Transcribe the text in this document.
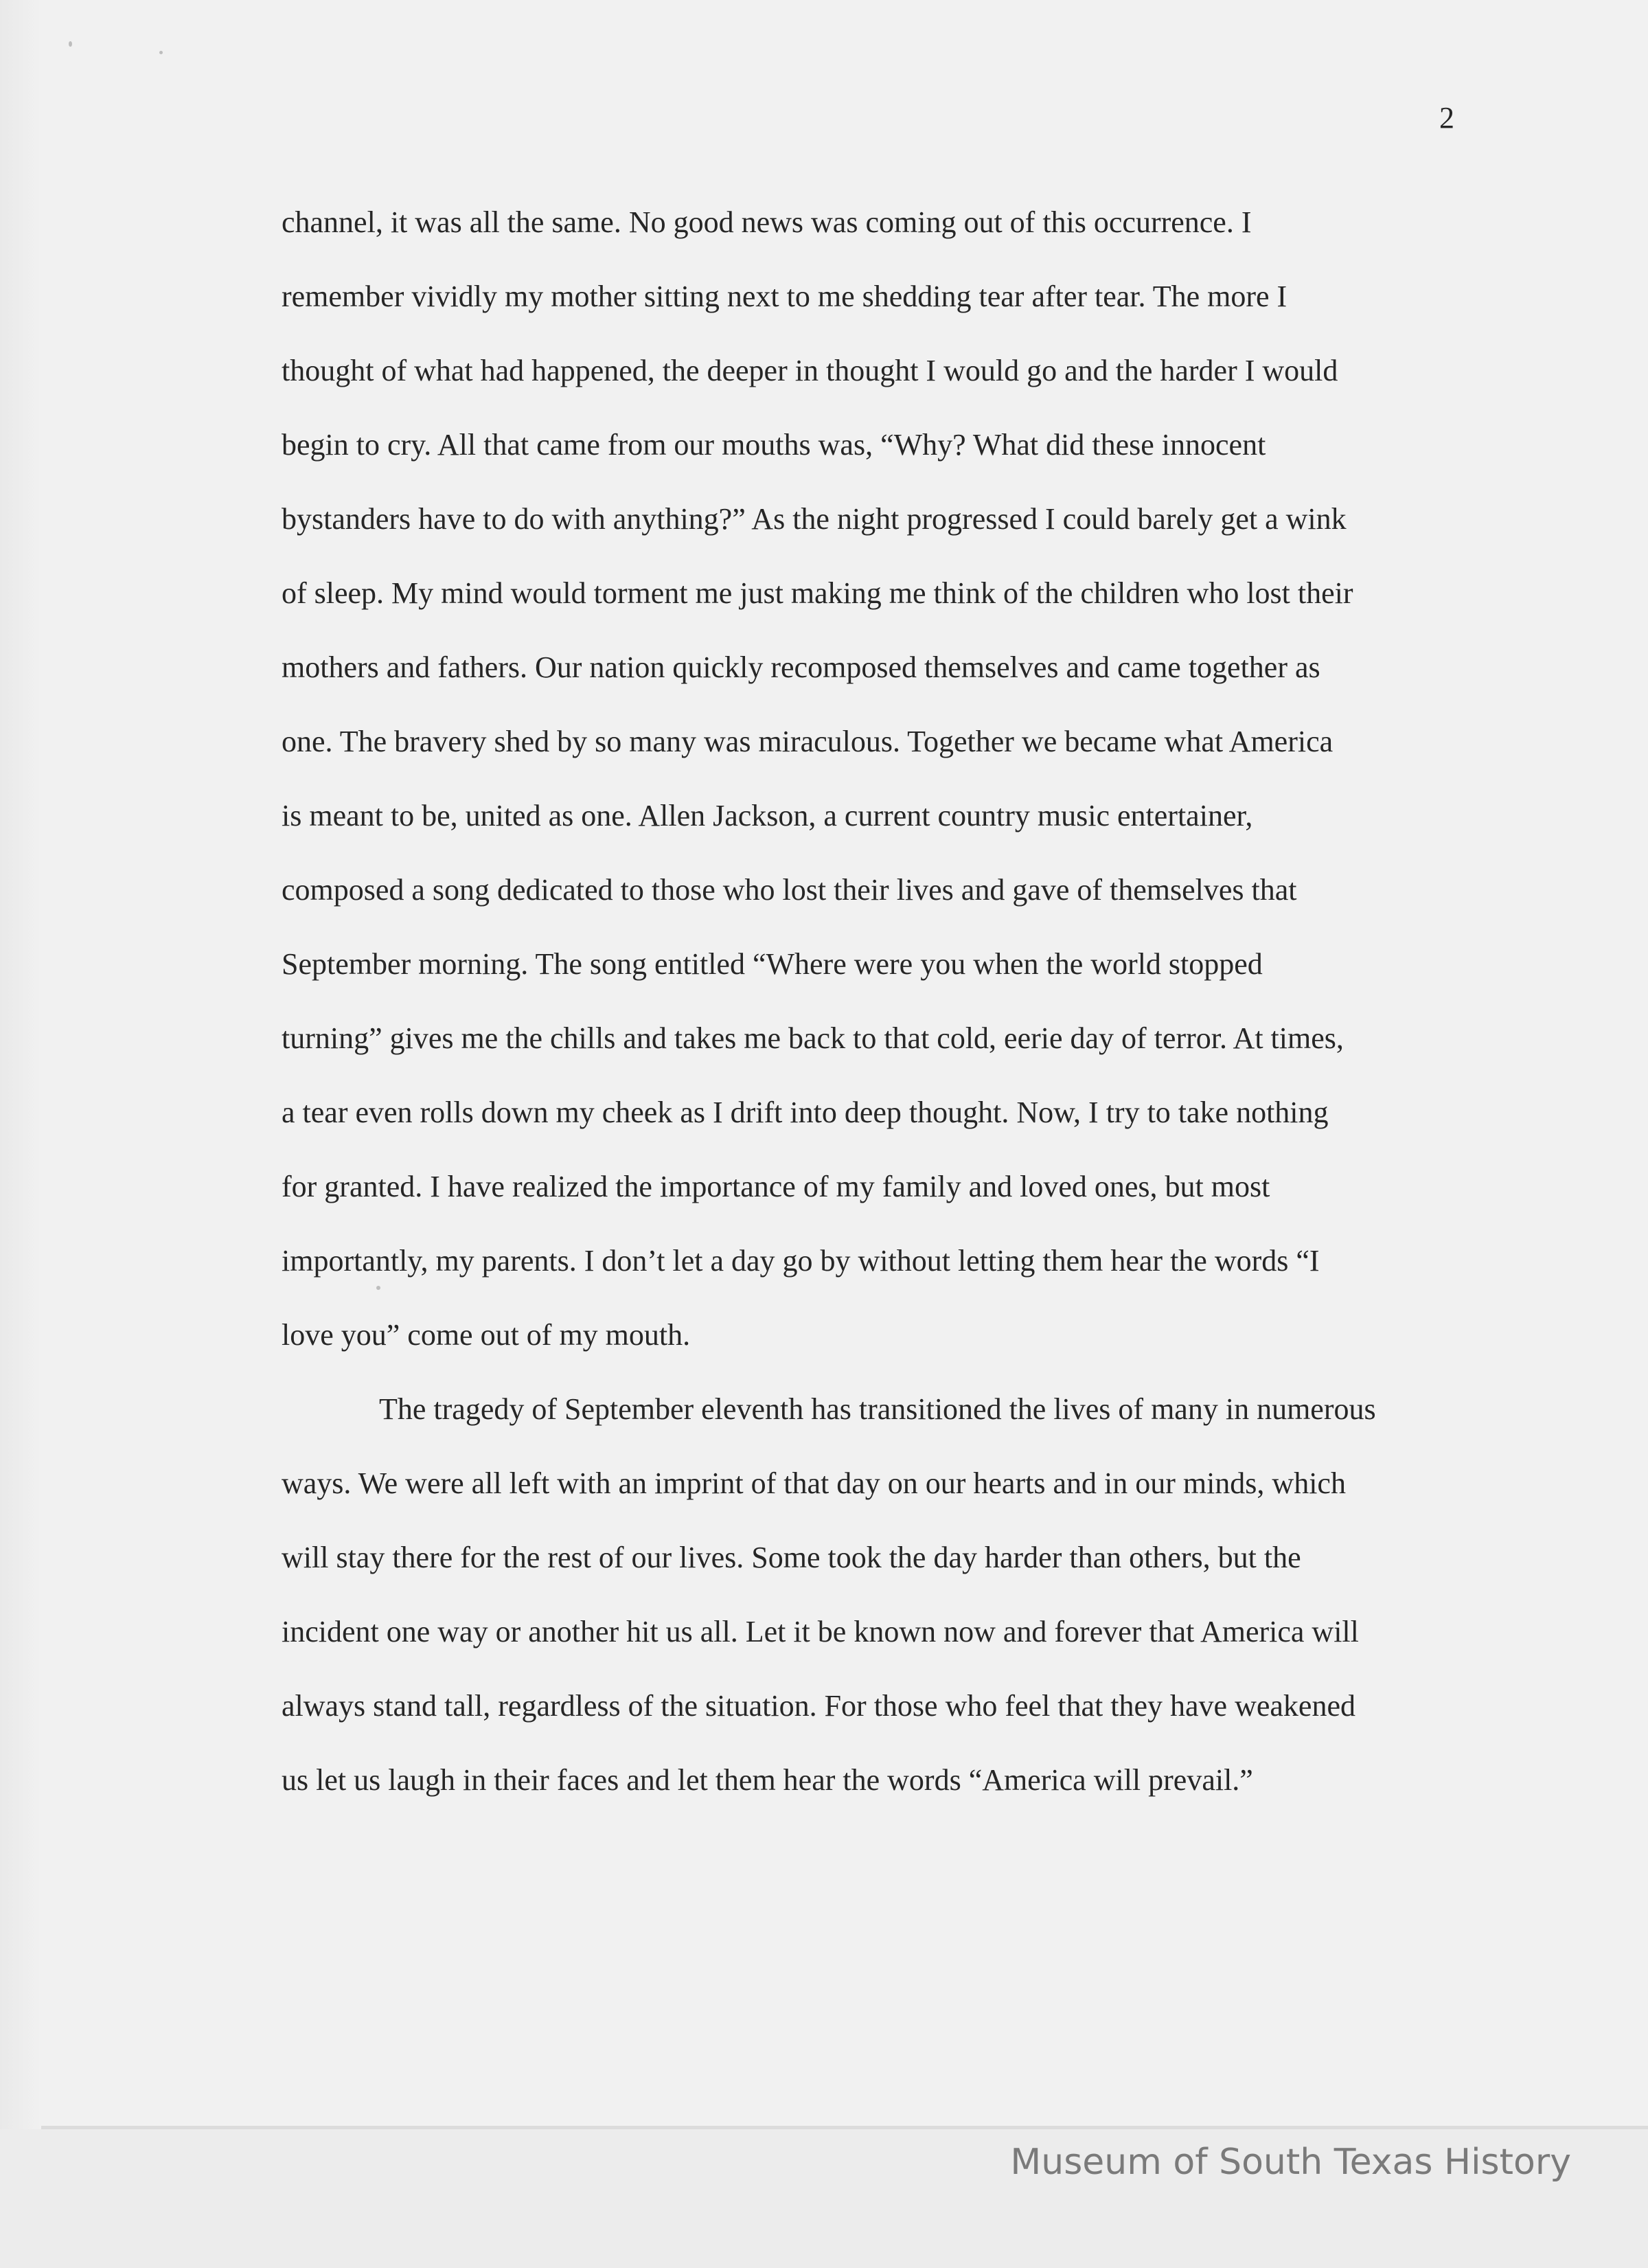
2
channel, it was all the same. No good news was coming out of this occurrence. I
remember vividly my mother sitting next to me shedding tear after tear. The more I
thought of what had happened, the deeper in thought I would go and the harder I would
begin to cry. All that came from our mouths was, “Why? What did these innocent
bystanders have to do with anything?” As the night progressed I could barely get a wink
of sleep. My mind would torment me just making me think of the children who lost their
mothers and fathers. Our nation quickly recomposed themselves and came together as
one. The bravery shed by so many was miraculous. Together we became what America
is meant to be, united as one. Allen Jackson, a current country music entertainer,
composed a song dedicated to those who lost their lives and gave of themselves that
September morning. The song entitled “Where were you when the world stopped
turning” gives me the chills and takes me back to that cold, eerie day of terror. At times,
a tear even rolls down my cheek as I drift into deep thought. Now, I try to take nothing
for granted. I have realized the importance of my family and loved ones, but most
importantly, my parents. I don’t let a day go by without letting them hear the words “I
love you” come out of my mouth.
The tragedy of September eleventh has transitioned the lives of many in numerous
ways. We were all left with an imprint of that day on our hearts and in our minds, which
will stay there for the rest of our lives. Some took the day harder than others, but the
incident one way or another hit us all. Let it be known now and forever that America will
always stand tall, regardless of the situation. For those who feel that they have weakened
us let us laugh in their faces and let them hear the words “America will prevail.”
Museum of South Texas History
